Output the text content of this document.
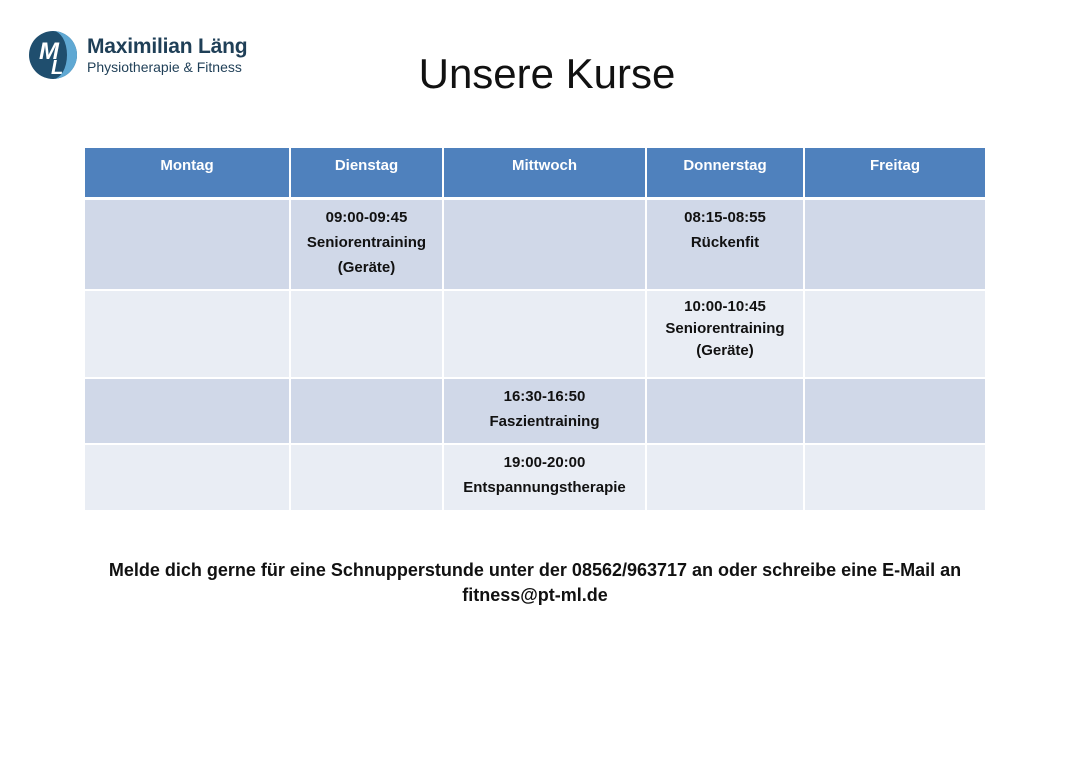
M
L
Maximilian Läng
Physiotherapie & Fitness	Unsere Kurse
Montag	Dienstag	Mittwoch	Donnerstag	Freitag

	09:00-09:45
Seniorentraining
(Geräte)		08:15-08:55
Rückenfit	

			10:00-10:45
Seniorentraining
(Geräte)	

		16:30-16:50
Faszientraining		

		19:00-20:00
Entspannungstherapie		

Melde dich gerne für eine Schnupperstunde unter der 08562/963717 an oder schreibe eine E-Mail an
fitness@pt-ml.de
